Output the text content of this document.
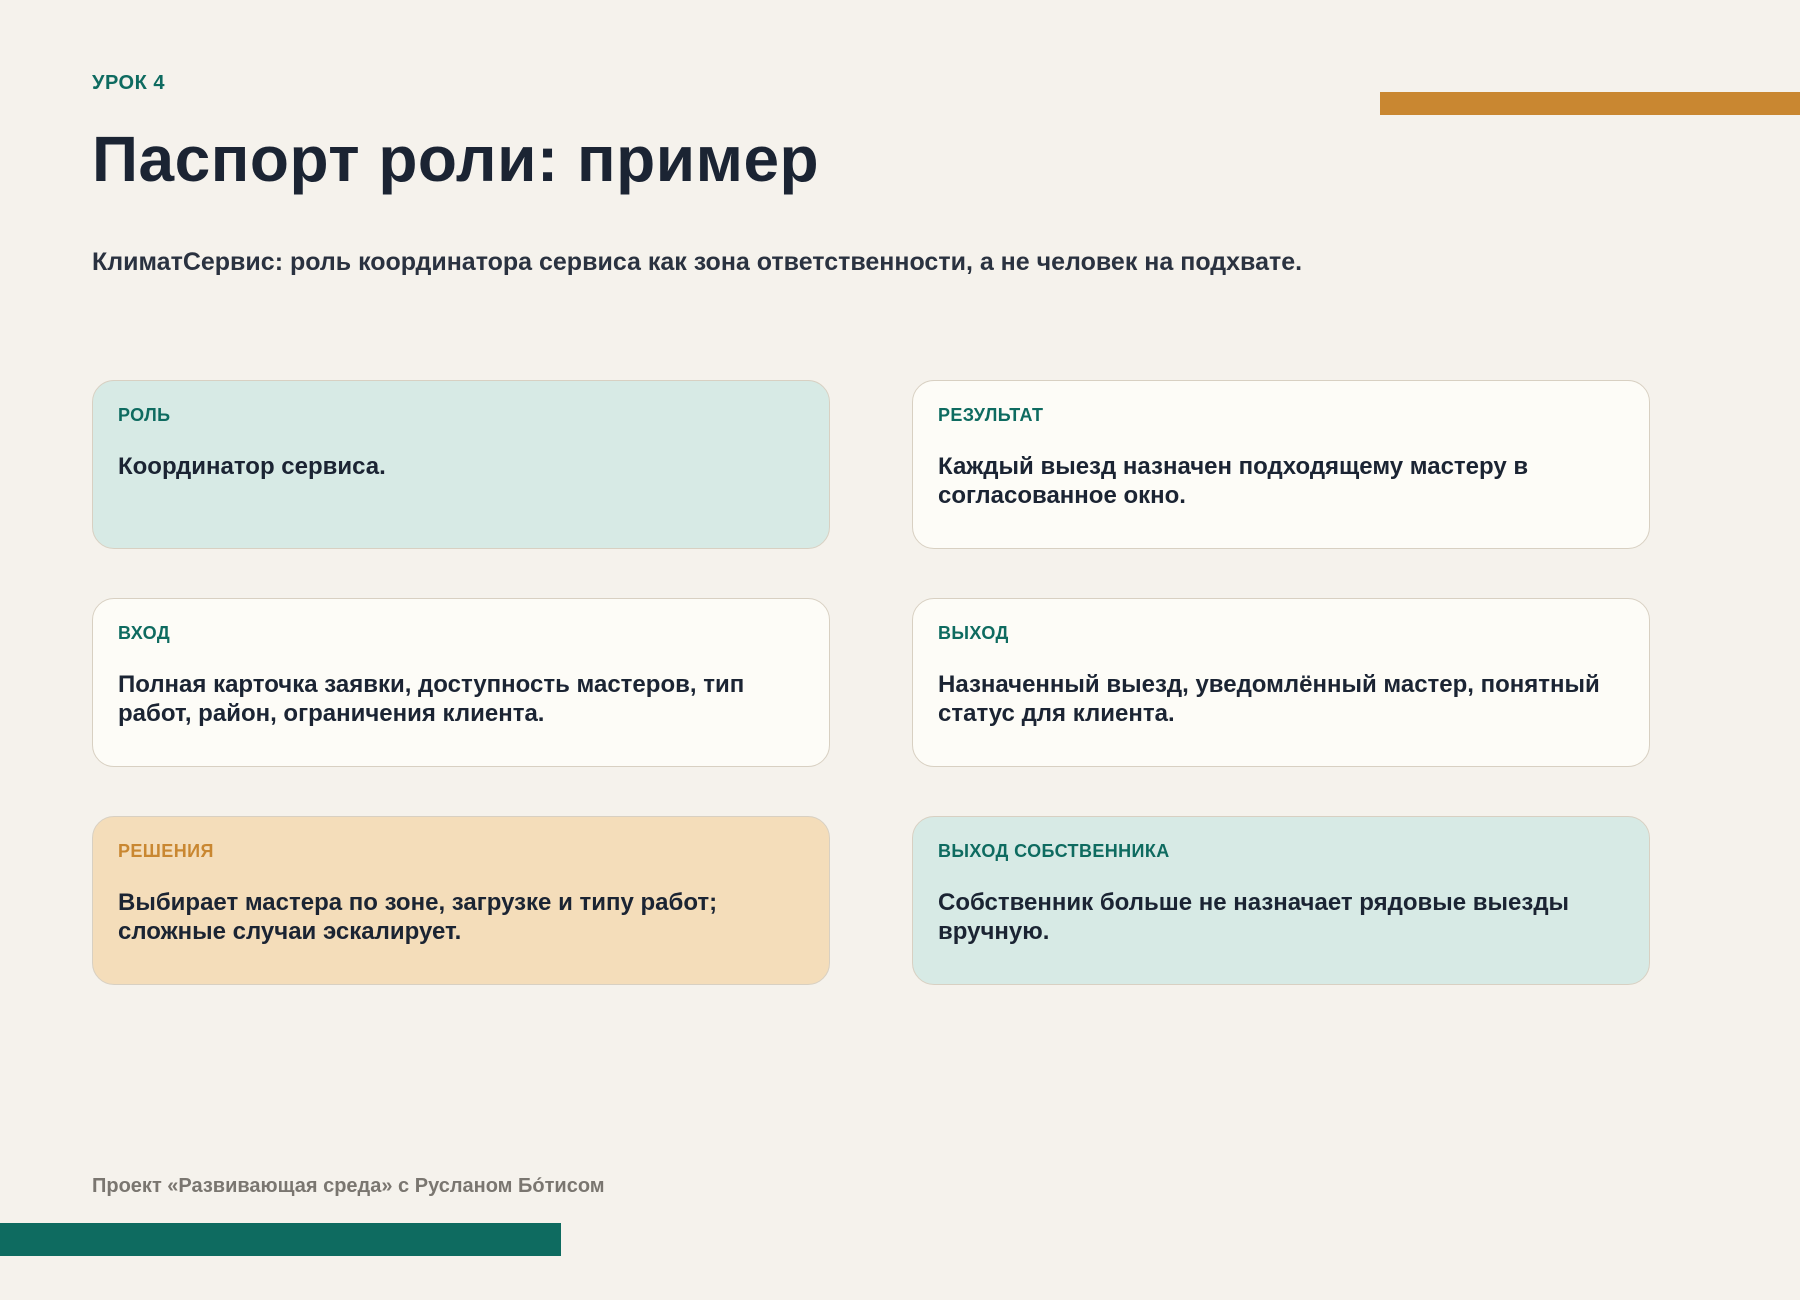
УРОК 4
Паспорт роли: пример
КлиматСервис: роль координатора сервиса как зона ответственности, а не человек на подхвате.
РОЛЬ
Координатор сервиса.
РЕЗУЛЬТАТ
Каждый выезд назначен подходящему мастеру в согласованное окно.
ВХОД
Полная карточка заявки, доступность мастеров, тип работ, район, ограничения клиента.
ВЫХОД
Назначенный выезд, уведомлённый мастер, понятный статус для клиента.
РЕШЕНИЯ
Выбирает мастера по зоне, загрузке и типу работ; сложные случаи эскалирует.
ВЫХОД СОБСТВЕННИКА
Собственник больше не назначает рядовые выезды вручную.
Проект «Развивающая среда» с Русланом Бо́тисом
